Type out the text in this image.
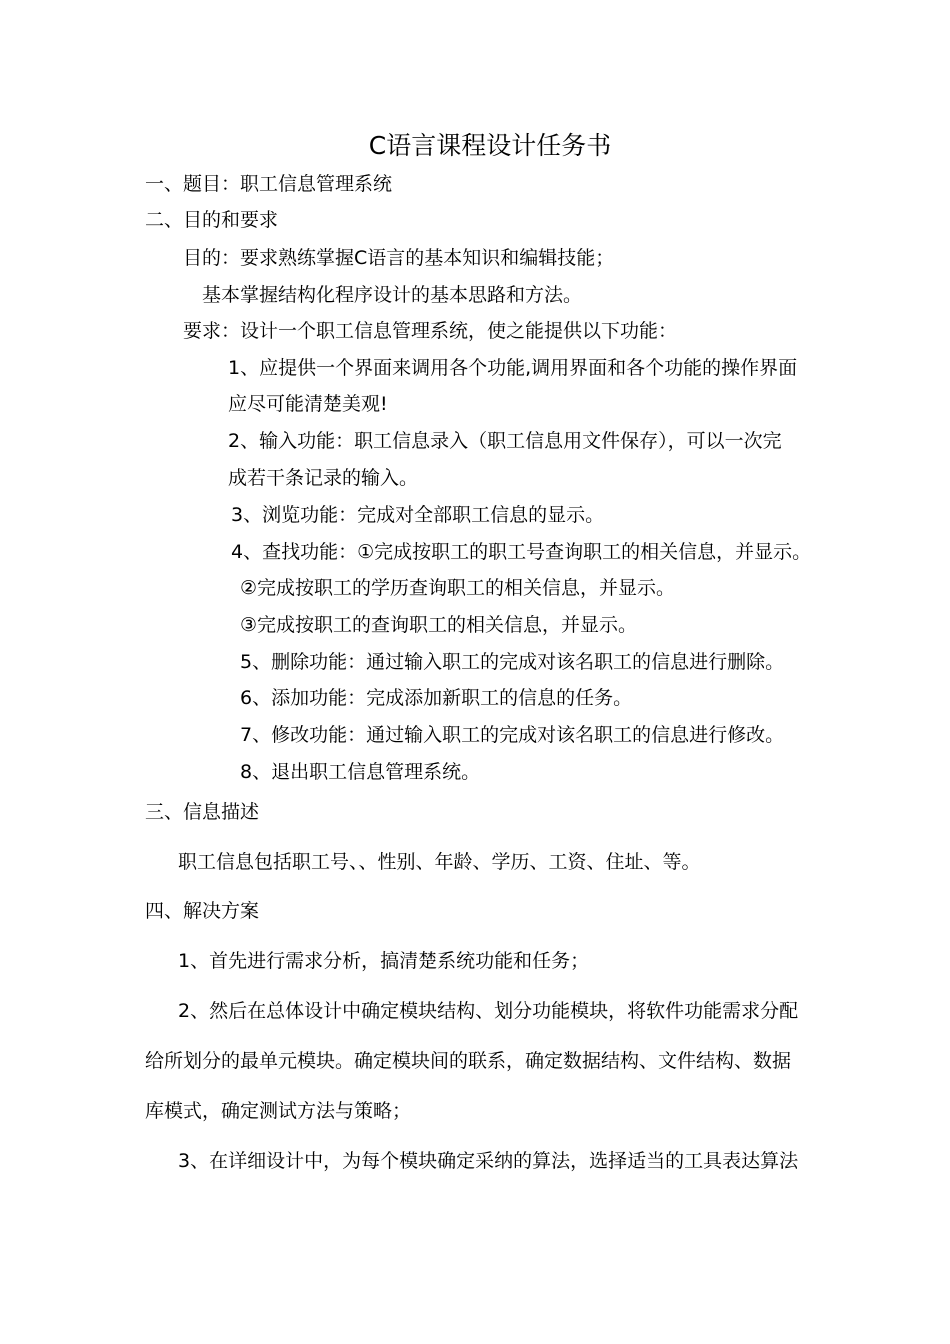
C语言课程设计任务书
一、题目：职工信息管理系统
二、目的和要求
目的：要求熟练掌握C语言的基本知识和编辑技能；
基本掌握结构化程序设计的基本思路和方法。
要求：设计一个职工信息管理系统，使之能提供以下功能：
1、应提供一个界面来调用各个功能,调用界面和各个功能的操作界面
应尽可能清楚美观!
2、输入功能：职工信息录入（职工信息用文件保存），可以一次完
成若干条记录的输入。
3、浏览功能：完成对全部职工信息的显示。
4、查找功能：①完成按职工的职工号查询职工的相关信息，并显示。
②完成按职工的学历查询职工的相关信息，并显示。
③完成按职工的查询职工的相关信息，并显示。
5、删除功能：通过输入职工的完成对该名职工的信息进行删除。
6、添加功能：完成添加新职工的信息的任务。
7、修改功能：通过输入职工的完成对该名职工的信息进行修改。
8、退出职工信息管理系统。
三、信息描述
职工信息包括职工号、、性别、年龄、学历、工资、住址、等。
四、解决方案
1、首先进行需求分析，搞清楚系统功能和任务；
2、然后在总体设计中确定模块结构、划分功能模块，将软件功能需求分配
给所划分的最单元模块。确定模块间的联系，确定数据结构、文件结构、数据
库模式，确定测试方法与策略；
3、在详细设计中，为每个模块确定采纳的算法，选择适当的工具表达算法
